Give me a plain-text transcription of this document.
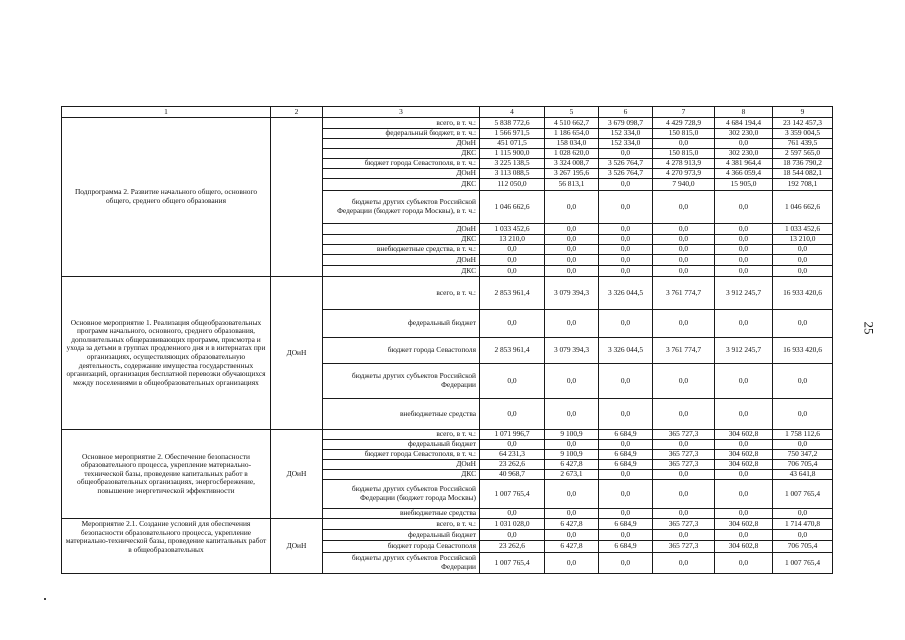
1	2	3	4	5	6	7	8	9
Подпрограмма 2. Развитие начального общего, основного общего, среднего общего образования		всего, в т. ч.:	5 838 772,6	4 510 662,7	3 679 098,7	4 429 728,9	4 684 194,4	23 142 457,3
		федеральный бюджет, в т. ч.:	1 566 971,5	1 186 654,0	152 334,0	150 815,0	302 230,0	3 359 004,5
		ДОиН	451 071,5	158 034,0	152 334,0	0,0	0,0	761 439,5
		ДКС	1 115 900,0	1 028 620,0	0,0	150 815,0	302 230,0	2 597 565,0
		бюджет города Севастополя, в т. ч.:	3 225 138,5	3 324 008,7	3 526 764,7	4 278 913,9	4 381 964,4	18 736 790,2
		ДОиН	3 113 088,5	3 267 195,6	3 526 764,7	4 270 973,9	4 366 059,4	18 544 082,1
		ДКС	112 050,0	56 813,1	0,0	7 940,0	15 905,0	192 708,1
		бюджеты других субъектов Российской Федерации (бюджет города Москвы), в т. ч.:	1 046 662,6	0,0	0,0	0,0	0,0	1 046 662,6
		ДОиН	1 033 452,6	0,0	0,0	0,0	0,0	1 033 452,6
		ДКС	13 210,0	0,0	0,0	0,0	0,0	13 210,0
		внебюджетные средства, в т. ч.:	0,0	0,0	0,0	0,0	0,0	0,0
		ДОиН	0,0	0,0	0,0	0,0	0,0	0,0
		ДКС	0,0	0,0	0,0	0,0	0,0	0,0
Основное мероприятие 1. Реализация общеобразовательных программ начального, основного, среднего образования, дополнительных общеразвивающих программ, присмотра и ухода за детьми в группах продленного дня и в интернатах при организациях, осуществляющих образовательную деятельность, содержание имущества государственных организаций, организация бесплатной перевозки обучающихся между поселениями в общеобразовательных организациях	ДОиН	всего, в т. ч.:	2 853 961,4	3 079 394,3	3 326 044,5	3 761 774,7	3 912 245,7	16 933 420,6
		федеральный бюджет	0,0	0,0	0,0	0,0	0,0	0,0
		бюджет города Севастополя	2 853 961,4	3 079 394,3	3 326 044,5	3 761 774,7	3 912 245,7	16 933 420,6
		бюджеты других субъектов Российской Федерации	0,0	0,0	0,0	0,0	0,0	0,0
		внебюджетные средства	0,0	0,0	0,0	0,0	0,0	0,0
Основное мероприятие 2. Обеспечение безопасности образовательного процесса, укрепление материально-технической базы, проведение капитальных работ в общеобразовательных организациях, энергосбережение, повышение энергетической эффективности	ДОиН	всего, в т. ч.:	1 071 996,7	9 100,9	6 684,9	365 727,3	304 602,8	1 758 112,6
		федеральный бюджет	0,0	0,0	0,0	0,0	0,0	0,0
		бюджет города Севастополя, в т. ч.:	64 231,3	9 100,9	6 684,9	365 727,3	304 602,8	750 347,2
		ДОиН	23 262,6	6 427,8	6 684,9	365 727,3	304 602,8	706 705,4
		ДКС	40 968,7	2 673,1	0,0	0,0	0,0	43 641,8
		бюджеты других субъектов Российской Федерации (бюджет города Москвы)	1 007 765,4	0,0	0,0	0,0	0,0	1 007 765,4
		внебюджетные средства	0,0	0,0	0,0	0,0	0,0	0,0
Мероприятие 2.1. Создание условий для обеспечения безопасности образовательного процесса, укрепление материально-технической базы, проведение капитальных работ в общеобразовательных	ДОиН	всего, в т. ч.:	1 031 028,0	6 427,8	6 684,9	365 727,3	304 602,8	1 714 470,8
		федеральный бюджет	0,0	0,0	0,0	0,0	0,0	0,0
		бюджет города Севастополя	23 262,6	6 427,8	6 684,9	365 727,3	304 602,8	706 705,4
		бюджеты других субъектов Российской Федерации	1 007 765,4	0,0	0,0	0,0	0,0	1 007 765,4
25
